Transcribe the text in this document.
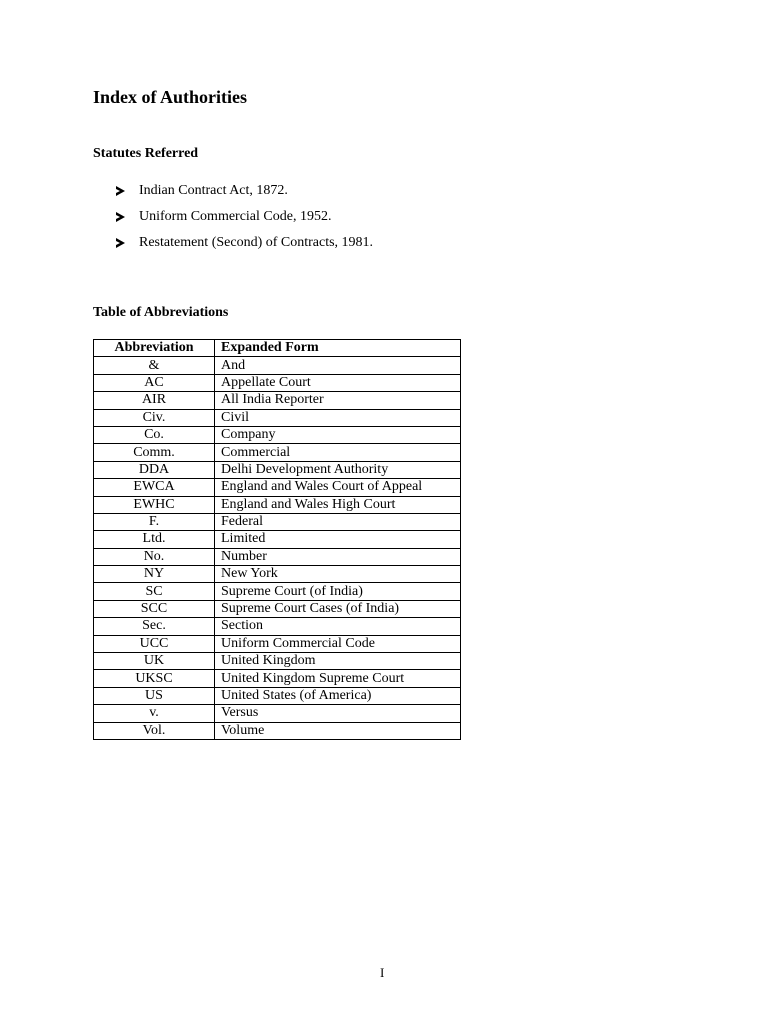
Index of Authorities
Statutes Referred
Indian Contract Act, 1872.
Uniform Commercial Code, 1952.
Restatement (Second) of Contracts, 1981.
Table of Abbreviations
Abbreviation	Expanded Form
&	And
AC	Appellate Court
AIR	All India Reporter
Civ.	Civil
Co.	Company
Comm.	Commercial
DDA	Delhi Development Authority
EWCA	England and Wales Court of Appeal
EWHC	England and Wales High Court
F.	Federal
Ltd.	Limited
No.	Number
NY	New York
SC	Supreme Court (of India)
SCC	Supreme Court Cases (of India)
Sec.	Section
UCC	Uniform Commercial Code
UK	United Kingdom
UKSC	United Kingdom Supreme Court
US	United States (of America)
v.	Versus
Vol.	Volume
I
